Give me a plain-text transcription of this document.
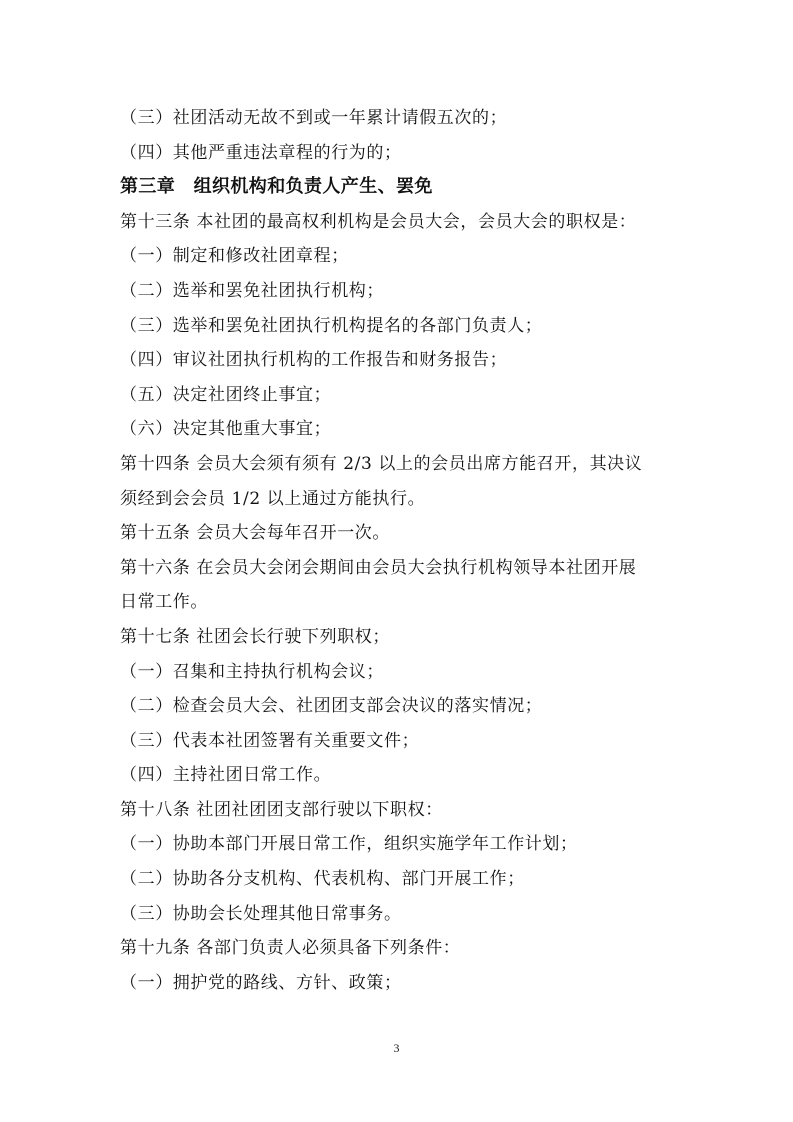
（三）社团活动无故不到或一年累计请假五次的；
（四）其他严重违法章程的行为的；
第三章　组织机构和负责人产生、罢免
第十三条 本社团的最高权利机构是会员大会，会员大会的职权是：
（一）制定和修改社团章程；
（二）选举和罢免社团执行机构；
（三）选举和罢免社团执行机构提名的各部门负责人；
（四）审议社团执行机构的工作报告和财务报告；
（五）决定社团终止事宜；
（六）决定其他重大事宜；
第十四条 会员大会须有须有 2/3 以上的会员出席方能召开，其决议
须经到会会员 1/2 以上通过方能执行。
第十五条 会员大会每年召开一次。
第十六条 在会员大会闭会期间由会员大会执行机构领导本社团开展
日常工作。
第十七条 社团会长行驶下列职权；
（一）召集和主持执行机构会议；
（二）检查会员大会、社团团支部会决议的落实情况；
（三）代表本社团签署有关重要文件；
（四）主持社团日常工作。
第十八条 社团社团团支部行驶以下职权：
（一）协助本部门开展日常工作，组织实施学年工作计划；
（二）协助各分支机构、代表机构、部门开展工作；
（三）协助会长处理其他日常事务。
第十九条 各部门负责人必须具备下列条件：
（一）拥护党的路线、方针、政策；
3
